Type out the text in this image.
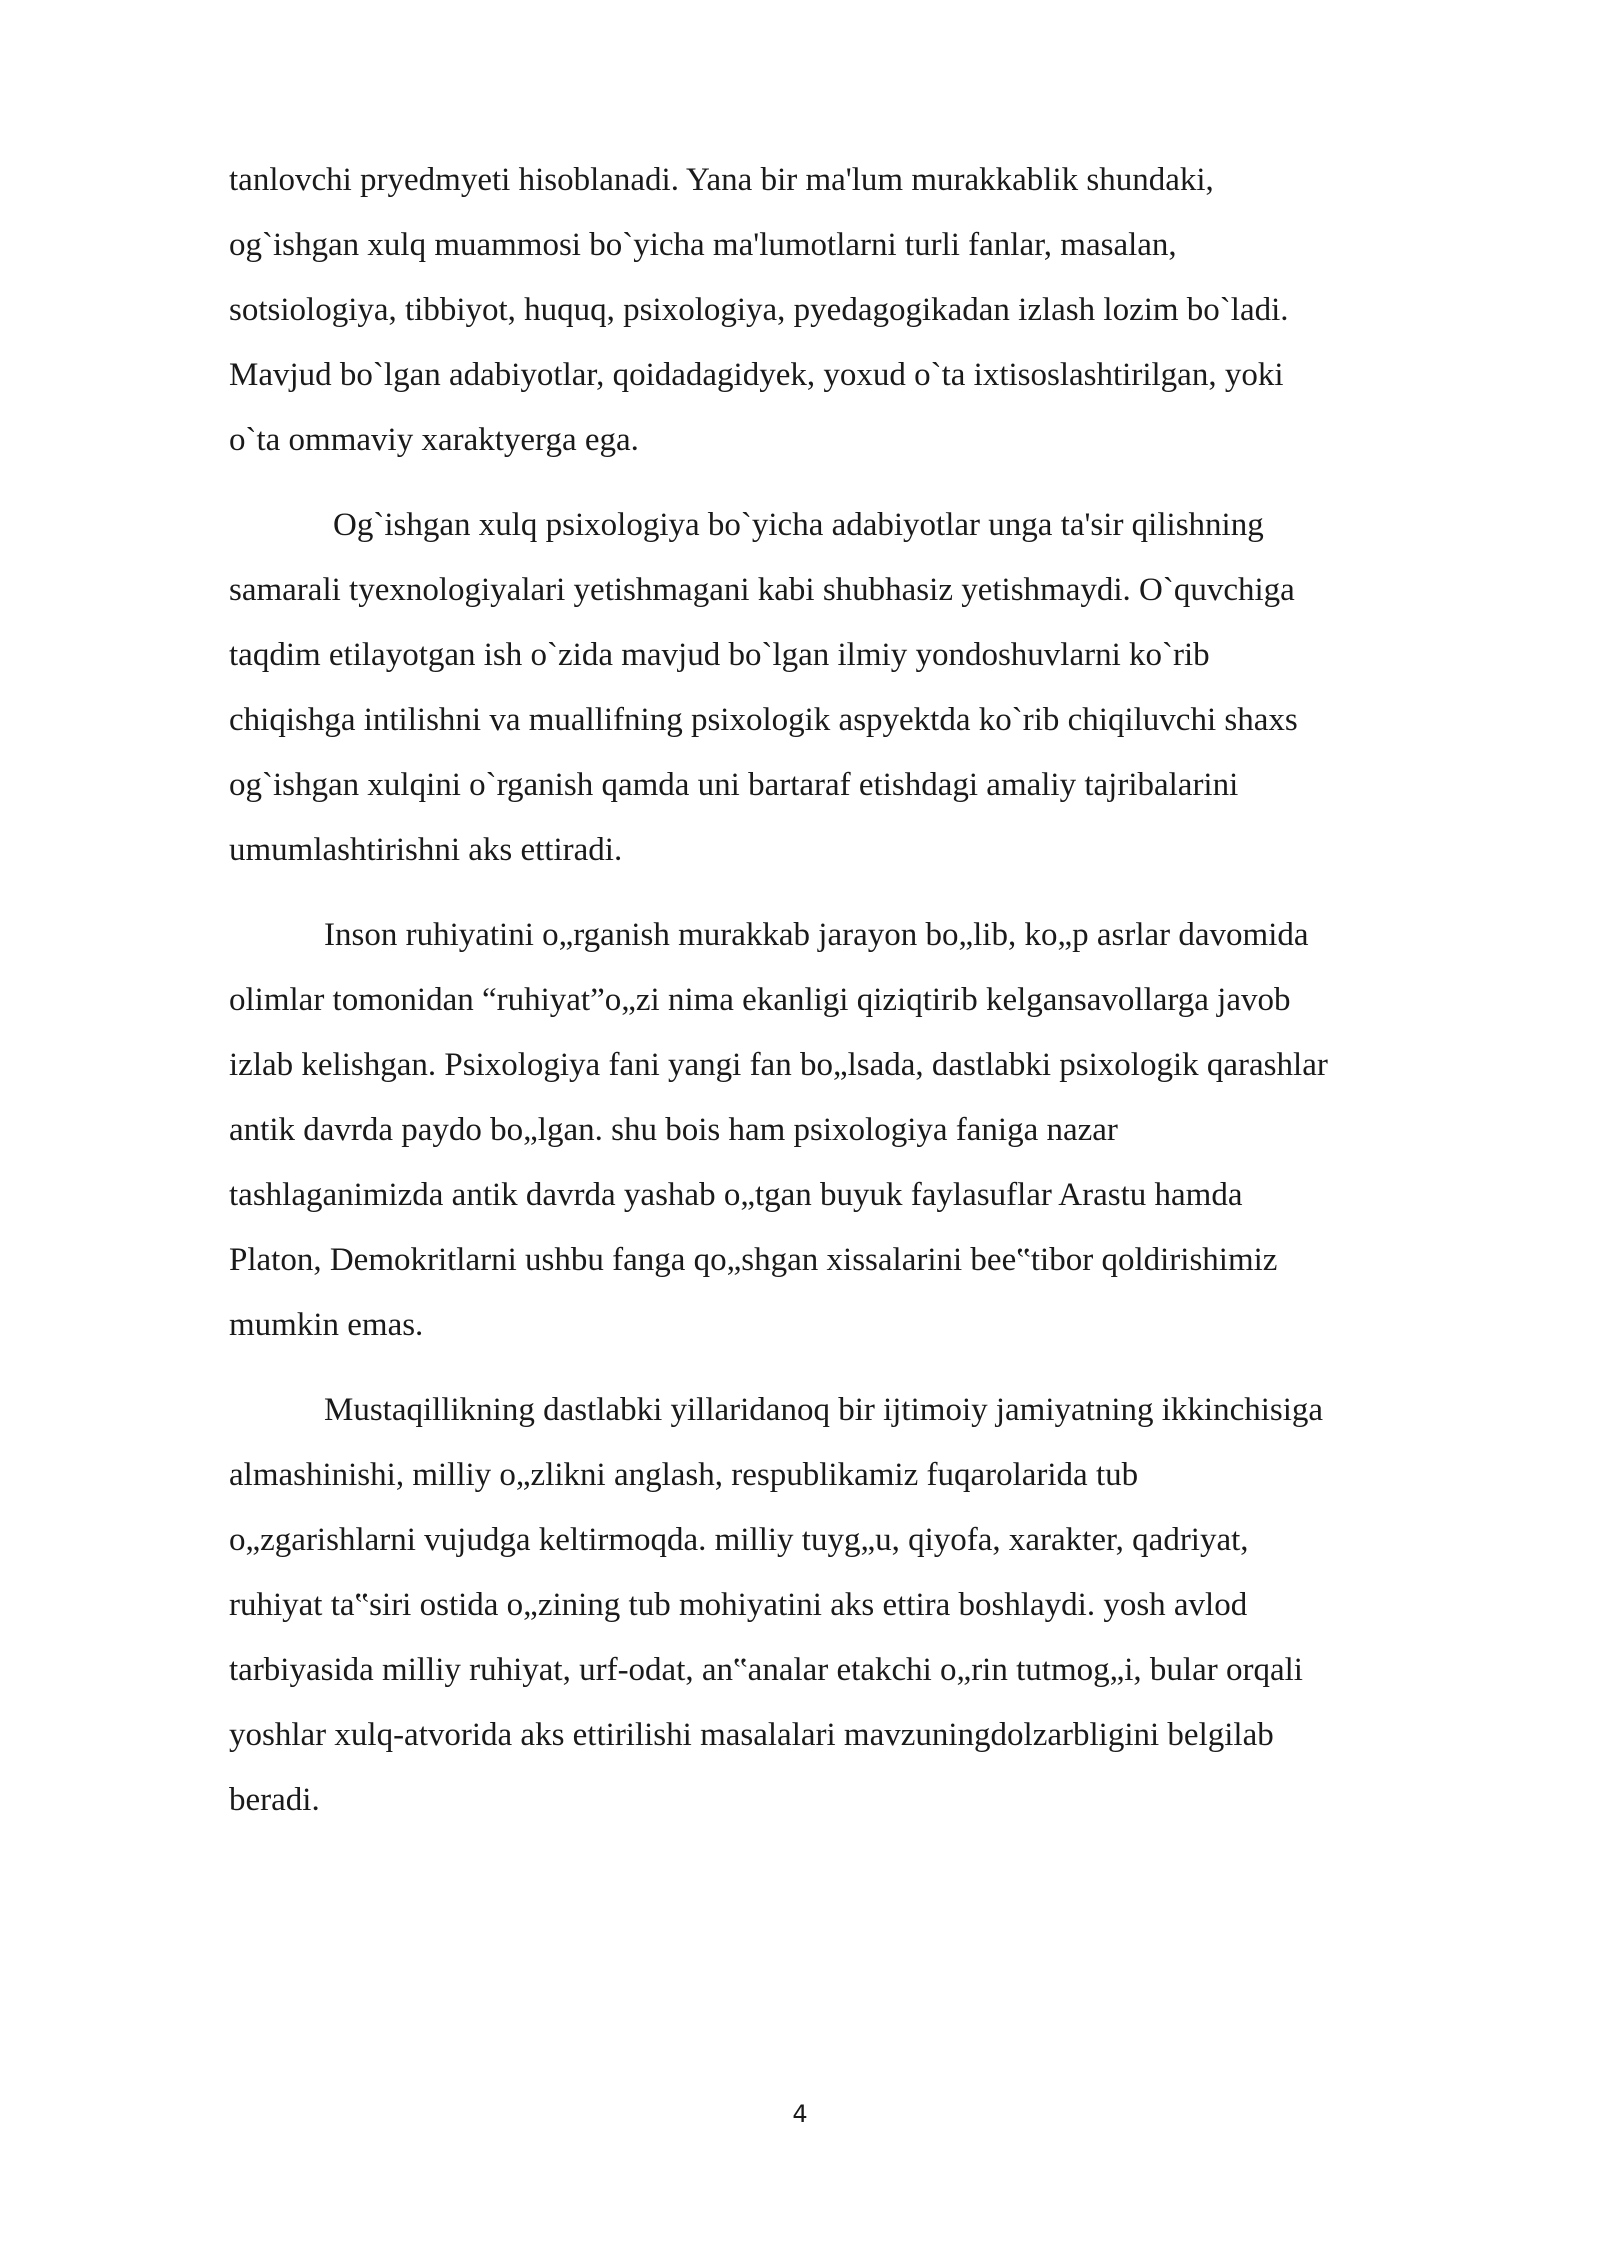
tanlovchi pryedmyeti hisoblanadi. Yana bir ma'lum murakkablik shundaki,
og`ishgan xulq muammosi bo`yicha ma'lumotlarni turli fanlar, masalan,
sotsiologiya, tibbiyot, huquq, psixologiya, pyedagogikadan izlash lozim bo`ladi.
Mavjud bo`lgan adabiyotlar, qoidadagidyek, yoxud o`ta ixtisoslashtirilgan, yoki
o`ta ommaviy xaraktyerga ega.

Og`ishgan xulq psixologiya bo`yicha adabiyotlar unga ta'sir qilishning
samarali tyexnologiyalari yetishmagani kabi shubhasiz yetishmaydi. O`quvchiga
taqdim etilayotgan ish o`zida mavjud bo`lgan ilmiy yondoshuvlarni ko`rib
chiqishga intilishni va muallifning psixologik aspyektda ko`rib chiqiluvchi shaxs
og`ishgan xulqini o`rganish qamda uni bartaraf etishdagi amaliy tajribalarini
umumlashtirishni aks ettiradi.

Inson ruhiyatini o„rganish murakkab jarayon bo„lib, ko„p asrlar davomida
olimlar tomonidan “ruhiyat”o„zi nima ekanligi qiziqtirib kelgansavollarga javob
izlab kelishgan. Psixologiya fani yangi fan bo„lsada, dastlabki psixologik qarashlar
antik davrda paydo bo„lgan. shu bois ham psixologiya faniga nazar
tashlaganimizda antik davrda yashab o„tgan buyuk faylasuflar Arastu hamda
Platon, Demokritlarni ushbu fanga qo„shgan xissalarini bee‟tibor qoldirishimiz
mumkin emas.

Mustaqillikning dastlabki yillaridanoq bir ijtimoiy jamiyatning ikkinchisiga
almashinishi, milliy o„zlikni anglash, respublikamiz fuqarolarida tub
o„zgarishlarni vujudga keltirmoqda. milliy tuyg„u, qiyofa, xarakter, qadriyat,
ruhiyat ta‟siri ostida o„zining tub mohiyatini aks ettira boshlaydi. yosh avlod
tarbiyasida milliy ruhiyat, urf-odat, an‟analar etakchi o„rin tutmog„i, bular orqali
yoshlar xulq-atvorida aks ettirilishi masalalari mavzuningdolzarbligini belgilab
beradi.

4
